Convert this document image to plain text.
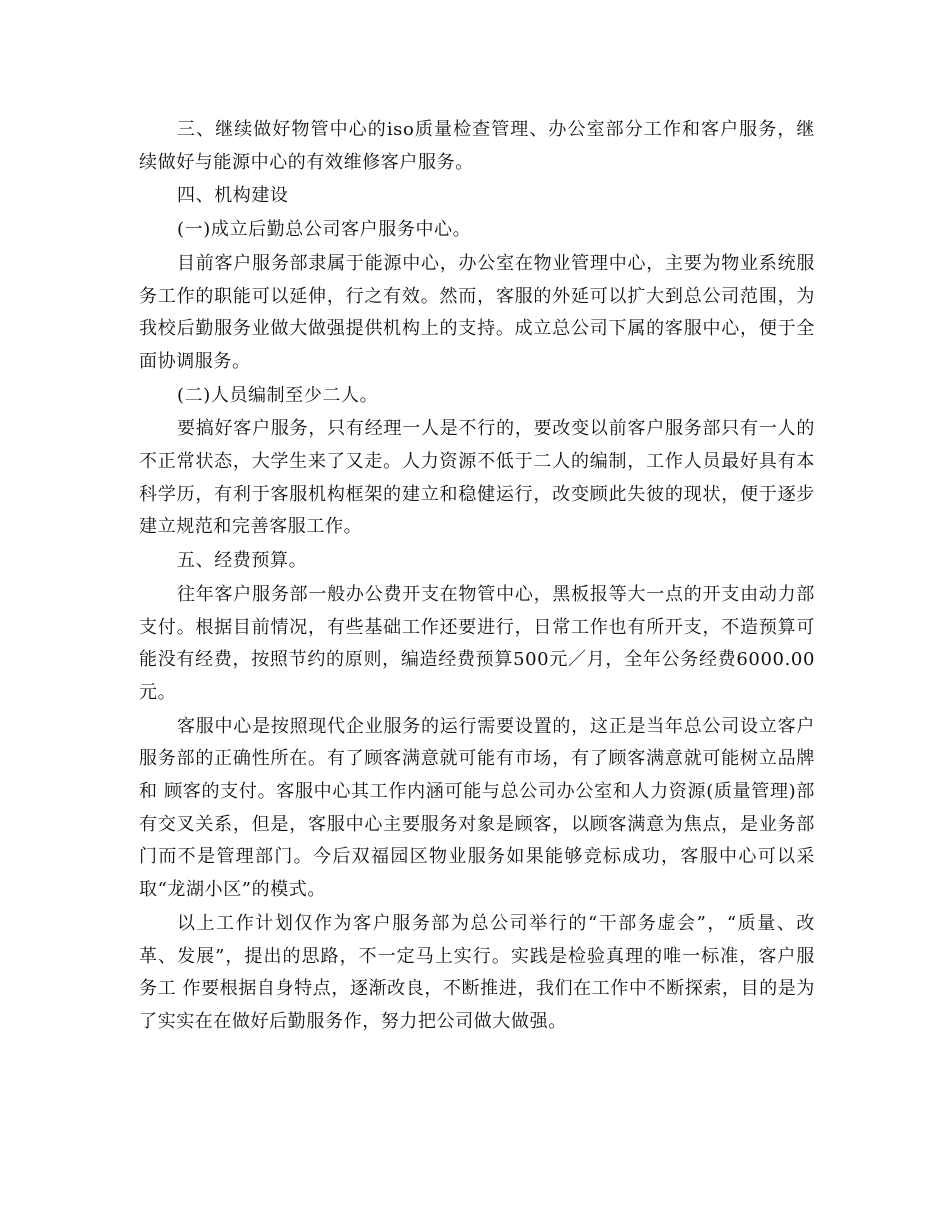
三、继续做好物管中心的iso质量检查管理、办公室部分工作和客户服务，继续做好与能源中心的有效维修客户服务。

四、机构建设

(一)成立后勤总公司客户服务中心。

目前客户服务部隶属于能源中心，办公室在物业管理中心，主要为物业系统服务工作的职能可以延伸，行之有效。然而，客服的外延可以扩大到总公司范围，为我校后勤服务业做大做强提供机构上的支持。成立总公司下属的客服中心，便于全面协调服务。

(二)人员编制至少二人。

要搞好客户服务，只有经理一人是不行的，要改变以前客户服务部只有一人的不正常状态，大学生来了又走。人力资源不低于二人的编制，工作人员最好具有本科学历，有利于客服机构框架的建立和稳健运行，改变顾此失彼的现状，便于逐步建立规范和完善客服工作。

五、经费预算。

往年客户服务部一般办公费开支在物管中心，黑板报等大一点的开支由动力部支付。根据目前情况，有些基础工作还要进行，日常工作也有所开支，不造预算可能没有经费，按照节约的原则，编造经费预算500元／月，全年公务经费6000.00元。

客服中心是按照现代企业服务的运行需要设置的，这正是当年总公司设立客户服务部的正确性所在。有了顾客满意就可能有市场，有了顾客满意就可能树立品牌和 顾客的支付。客服中心其工作内涵可能与总公司办公室和人力资源(质量管理)部有交叉关系，但是，客服中心主要服务对象是顾客，以顾客满意为焦点，是业务部 门而不是管理部门。今后双福园区物业服务如果能够竞标成功，客服中心可以采取“龙湖小区”的模式。

以上工作计划仅作为客户服务部为总公司举行的“干部务虚会”，“质量、改革、发展”，提出的思路，不一定马上实行。实践是检验真理的唯一标准，客户服务工 作要根据自身特点，逐渐改良，不断推进，我们在工作中不断探索，目的是为了实实在在做好后勤服务作，努力把公司做大做强。
